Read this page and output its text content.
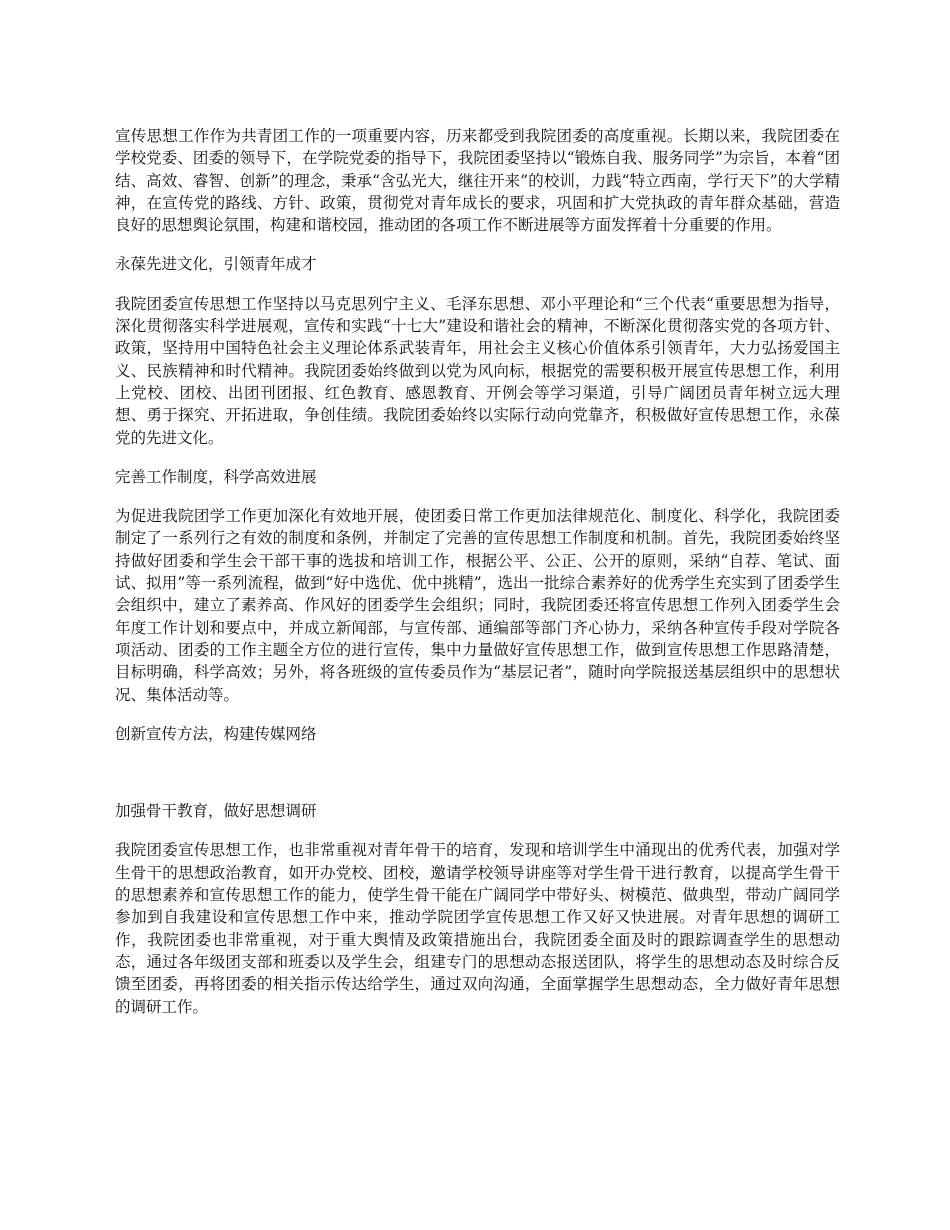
宣传思想工作作为共青团工作的一项重要内容，历来都受到我院团委的高度重视。长期以来，我院团委在学校党委、团委的领导下，在学院党委的指导下，我院团委坚持以“锻炼自我、服务同学”为宗旨，本着“团结、高效、睿智、创新”的理念，秉承“含弘光大，继往开来”的校训，力践“特立西南，学行天下”的大学精神，在宣传党的路线、方针、政策，贯彻党对青年成长的要求，巩固和扩大党执政的青年群众基础，营造良好的思想舆论氛围，构建和谐校园，推动团的各项工作不断进展等方面发挥着十分重要的作用。

永葆先进文化，引领青年成才

我院团委宣传思想工作坚持以马克思列宁主义、毛泽东思想、邓小平理论和“三个代表“重要思想为指导，深化贯彻落实科学进展观，宣传和实践“十七大”建设和谐社会的精神，不断深化贯彻落实党的各项方针、政策，坚持用中国特色社会主义理论体系武装青年，用社会主义核心价值体系引领青年，大力弘扬爱国主义、民族精神和时代精神。我院团委始终做到以党为风向标，根据党的需要积极开展宣传思想工作，利用上党校、团校、出团刊团报、红色教育、感恩教育、开例会等学习渠道，引导广阔团员青年树立远大理想、勇于探究、开拓进取，争创佳绩。我院团委始终以实际行动向党靠齐，积极做好宣传思想工作，永葆党的先进文化。

完善工作制度，科学高效进展

为促进我院团学工作更加深化有效地开展，使团委日常工作更加法律规范化、制度化、科学化，我院团委制定了一系列行之有效的制度和条例，并制定了完善的宣传思想工作制度和机制。首先，我院团委始终坚持做好团委和学生会干部干事的选拔和培训工作，根据公平、公正、公开的原则，采纳“自荐、笔试、面试、拟用”等一系列流程，做到“好中选优、优中挑精”，选出一批综合素养好的优秀学生充实到了团委学生会组织中，建立了素养高、作风好的团委学生会组织；同时，我院团委还将宣传思想工作列入团委学生会年度工作计划和要点中，并成立新闻部，与宣传部、通编部等部门齐心协力，采纳各种宣传手段对学院各项活动、团委的工作主题全方位的进行宣传，集中力量做好宣传思想工作，做到宣传思想工作思路清楚，目标明确，科学高效；另外，将各班级的宣传委员作为“基层记者”，随时向学院报送基层组织中的思想状况、集体活动等。

创新宣传方法，构建传媒网络

加强骨干教育，做好思想调研

我院团委宣传思想工作，也非常重视对青年骨干的培育，发现和培训学生中涌现出的优秀代表，加强对学生骨干的思想政治教育，如开办党校、团校，邀请学校领导讲座等对学生骨干进行教育，以提高学生骨干的思想素养和宣传思想工作的能力，使学生骨干能在广阔同学中带好头、树模范、做典型，带动广阔同学参加到自我建设和宣传思想工作中来，推动学院团学宣传思想工作又好又快进展。对青年思想的调研工作，我院团委也非常重视，对于重大舆情及政策措施出台，我院团委全面及时的跟踪调查学生的思想动态，通过各年级团支部和班委以及学生会，组建专门的思想动态报送团队，将学生的思想动态及时综合反馈至团委，再将团委的相关指示传达给学生，通过双向沟通，全面掌握学生思想动态，全力做好青年思想的调研工作。
